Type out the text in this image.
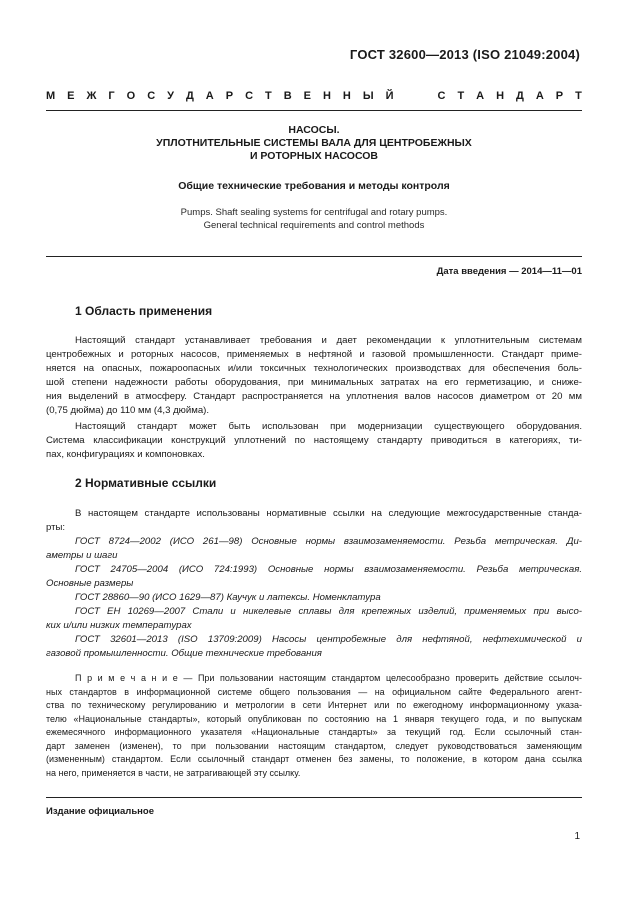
ГОСТ 32600—2013 (ISO 21049:2004)
М Е Ж Г О С У Д А Р С Т В Е Н Н Ы Й	С Т А Н Д А Р Т
НАСОСЫ.
УПЛОТНИТЕЛЬНЫЕ СИСТЕМЫ ВАЛА ДЛЯ ЦЕНТРОБЕЖНЫХ
И РОТОРНЫХ НАСОСОВ
Общие технические требования и методы контроля
Pumps. Shaft sealing systems for centrifugal and rotary pumps.
General technical requirements and control methods
Дата введения — 2014—11—01
1 Область применения
Настоящий стандарт устанавливает требования и дает рекомендации к уплотнительным системам
центробежных и роторных насосов, применяемых в нефтяной и газовой промышленности. Стандарт приме-
няется на опасных, пожароопасных и/или токсичных технологических производствах для обеспечения боль-
шой степени надежности работы оборудования, при минимальных затратах на его герметизацию, и сниже-
ния выделений в атмосферу. Стандарт распространяется на уплотнения валов насосов диаметром от 20 мм
(0,75 дюйма) до 110 мм (4,3 дюйма).
Настоящий стандарт может быть использован при модернизации существующего оборудования.
Система классификации конструкций уплотнений по настоящему стандарту приводиться в категориях, ти-
пах, конфигурациях и компоновках.
2 Нормативные ссылки
В настоящем стандарте использованы нормативные ссылки на следующие межгосударственные станда-
рты:
ГОСТ 8724—2002 (ИСО 261—98) Основные нормы взаимозаменяемости. Резьба метрическая. Ди-
аметры и шаги
ГОСТ 24705—2004 (ИСО 724:1993) Основные нормы взаимозаменяемости. Резьба метрическая.
Основные размеры
ГОСТ 28860—90 (ИСО 1629—87) Каучук и латексы. Номенклатура
ГОСТ ЕН 10269—2007 Стали и никелевые сплавы для крепежных изделий, применяемых при высо-
ких и/или низких температурах
ГОСТ 32601—2013 (ISO 13709:2009) Насосы центробежные для нефтяной, нефтехимической и
газовой промышленности. Общие технические требования
П р и м е ч а н и е — При пользовании настоящим стандартом целесообразно проверить действие ссылоч-
ных стандартов в информационной системе общего пользования — на официальном сайте Федерального агент-
ства по техническому регулированию и метрологии в сети Интернет или по ежегодному информационному указа-
телю «Национальные стандарты», который опубликован по состоянию на 1 января текущего года, и по выпускам
ежемесячного информационного указателя «Национальные стандарты» за текущий год. Если ссылочный стан-
дарт заменен (изменен), то при пользовании настоящим стандартом, следует руководствоваться заменяющим
(измененным) стандартом. Если ссылочный стандарт отменен без замены, то положение, в котором дана ссылка
на него, применяется в части, не затрагивающей эту ссылку.
Издание официальное
1
